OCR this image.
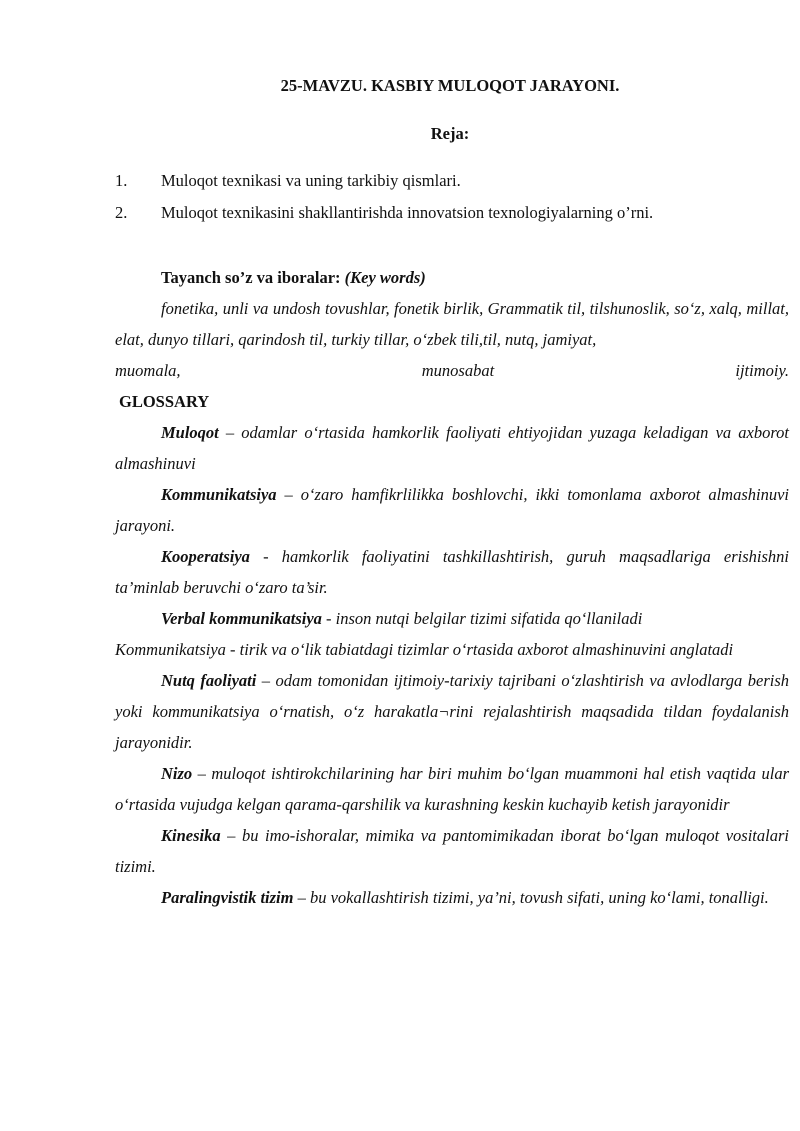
25-MAVZU. KASBIY MULOQOT JARAYONI.
Reja:
1. Muloqot texnikasi va uning tarkibiy qismlari.
2. Muloqot texnikasini shakllantirishda innovatsion texnologiyalarning o’rni.

Tayanch so’z va iboralar: (Key words)

fonetika, unli va undosh tovushlar, fonetik birlik, Grammatik til, tilshunoslik, so‘z, xalq, millat, elat, dunyo tillari, qarindosh til, turkiy tillar, o‘zbek tili,til, nutq, jamiyat,

muomala, munosabat ijtimoiy.

GLOSSARY

Muloqot – odamlar o‘rtasida hamkorlik faoliyati ehtiyojidan yuzaga keladigan va axborot almashinuvi

Kommunikatsiya – o‘zaro hamfikrlilikka boshlovchi, ikki tomonlama axborot almashinuvi jarayoni.

Kooperatsiya - hamkorlik faoliyatini tashkillashtirish, guruh maqsadlariga erishishni ta’minlab beruvchi o‘zaro ta’sir.

Verbal kommunikatsiya - inson nutqi belgilar tizimi sifatida qo‘llaniladi

Kommunikatsiya - tirik va o‘lik tabiatdagi tizimlar o‘rtasida axborot almashinuvini anglatadi

Nutq faoliyati – odam tomonidan ijtimoiy-tarixiy tajribani o‘zlashtirish va avlodlarga berish yoki kommunikatsiya o‘rnatish, o‘z harakatla¬rini rejalashtirish maqsadida tildan foydalanish jarayonidir.

Nizo – muloqot ishtirokchilarining har biri muhim bo‘lgan muammoni hal etish vaqtida ular o‘rtasida vujudga kelgan qarama-qarshilik va kurashning keskin kuchayib ketish jarayonidir

Kinesika – bu imo-ishoralar, mimika va pantomimikadan iborat bo‘lgan muloqot vositalari tizimi.

Paralingvistik tizim – bu vokallashtirish tizimi, ya’ni, tovush sifati, uning ko‘lami, tonalligi.
